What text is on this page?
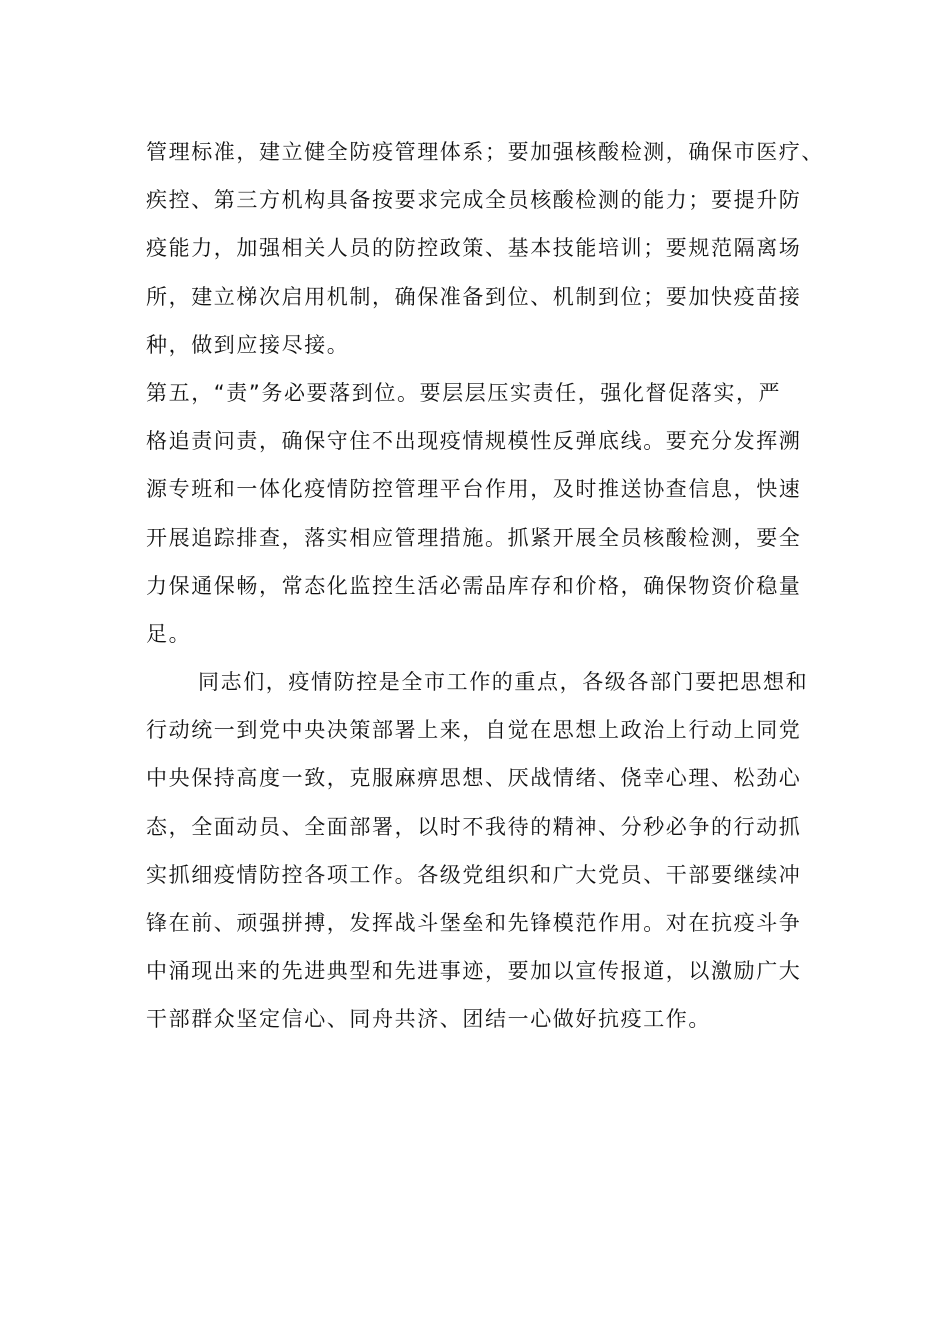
管理标准，建立健全防疫管理体系；要加强核酸检测，确保市医疗、
疾控、第三方机构具备按要求完成全员核酸检测的能力；要提升防
疫能力，加强相关人员的防控政策、基本技能培训；要规范隔离场
所，建立梯次启用机制，确保准备到位、机制到位；要加快疫苗接
种，做到应接尽接。
第五，“责”务必要落到位。要层层压实责任，强化督促落实，严
格追责问责，确保守住不出现疫情规模性反弹底线。要充分发挥溯
源专班和一体化疫情防控管理平台作用，及时推送协查信息，快速
开展追踪排查，落实相应管理措施。抓紧开展全员核酸检测，要全
力保通保畅，常态化监控生活必需品库存和价格，确保物资价稳量
足。
同志们，疫情防控是全市工作的重点，各级各部门要把思想和
行动统一到党中央决策部署上来，自觉在思想上政治上行动上同党
中央保持高度一致，克服麻痹思想、厌战情绪、侥幸心理、松劲心
态，全面动员、全面部署，以时不我待的精神、分秒必争的行动抓
实抓细疫情防控各项工作。各级党组织和广大党员、干部要继续冲
锋在前、顽强拼搏，发挥战斗堡垒和先锋模范作用。对在抗疫斗争
中涌现出来的先进典型和先进事迹，要加以宣传报道，以激励广大
干部群众坚定信心、同舟共济、团结一心做好抗疫工作。
